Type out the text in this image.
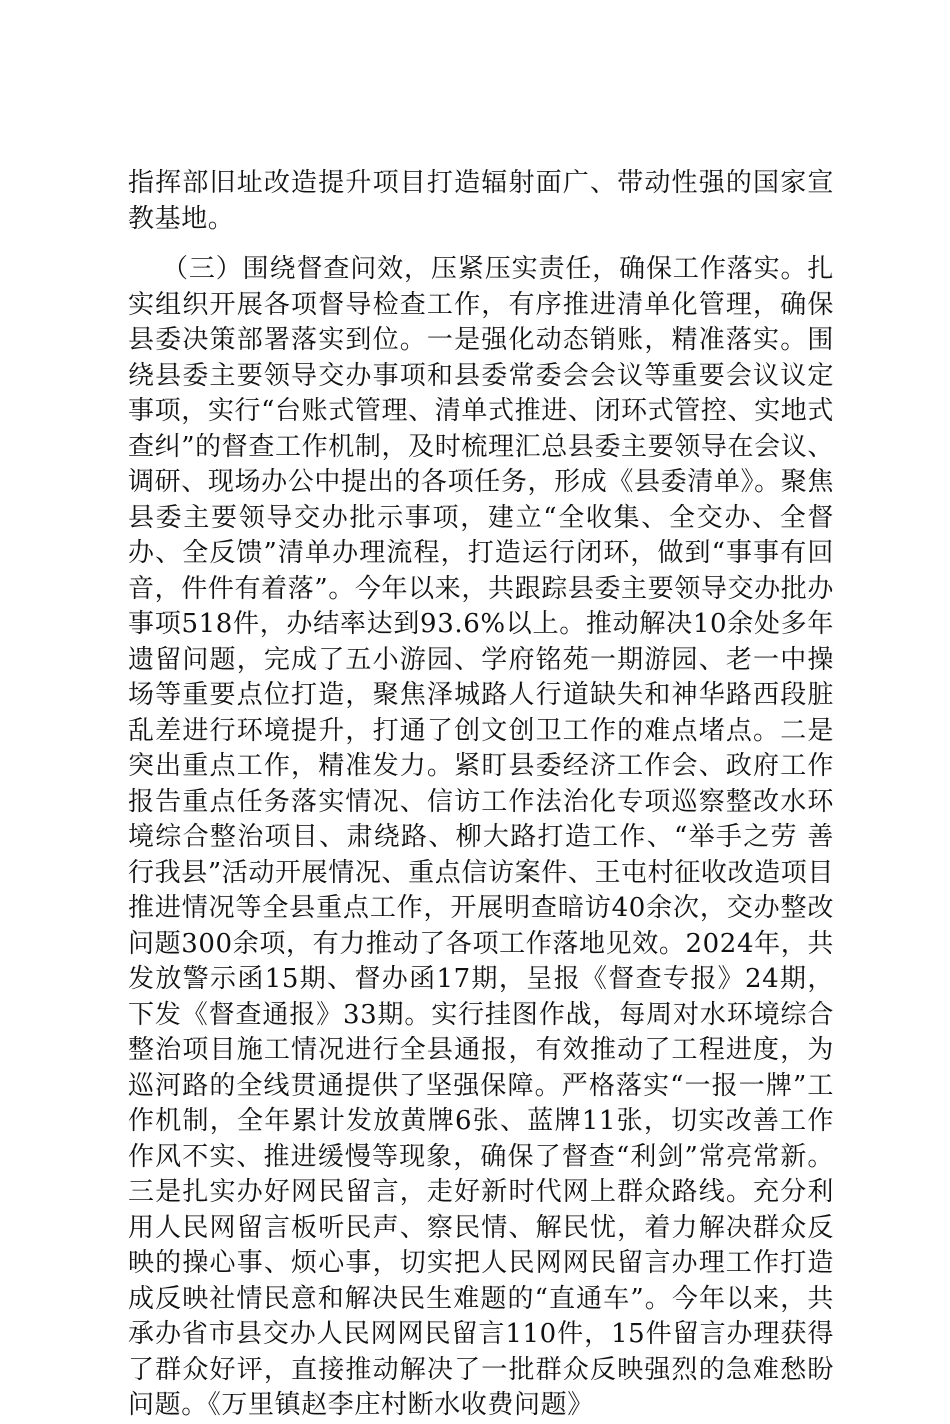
指挥部旧址改造提升项目打造辐射面广、带动性强的国家宣教基地。

（三）围绕督查问效，压紧压实责任，确保工作落实。扎实组织开展各项督导检查工作，有序推进清单化管理，确保县委决策部署落实到位。一是强化动态销账，精准落实。围绕县委主要领导交办事项和县委常委会会议等重要会议议定事项，实行“台账式管理、清单式推进、闭环式管控、实地式查纠”的督查工作机制，及时梳理汇总县委主要领导在会议、调研、现场办公中提出的各项任务，形成《县委清单》。聚焦县委主要领导交办批示事项，建立“全收集、全交办、全督办、全反馈”清单办理流程，打造运行闭环，做到“事事有回音，件件有着落”。今年以来，共跟踪县委主要领导交办批办事项518件，办结率达到93.6%以上。推动解决10余处多年遗留问题，完成了五小游园、学府铭苑一期游园、老一中操场等重要点位打造，聚焦泽城路人行道缺失和神华路西段脏乱差进行环境提升，打通了创文创卫工作的难点堵点。二是突出重点工作，精准发力。紧盯县委经济工作会、政府工作报告重点任务落实情况、信访工作法治化专项巡察整改水环境综合整治项目、肃绕路、柳大路打造工作、“举手之劳 善行我县”活动开展情况、重点信访案件、王屯村征收改造项目推进情况等全县重点工作，开展明查暗访40余次，交办整改问题300余项，有力推动了各项工作落地见效。2024年，共发放警示函15期、督办函17期，呈报《督查专报》24期，下发《督查通报》33期。实行挂图作战，每周对水环境综合整治项目施工情况进行全县通报，有效推动了工程进度，为巡河路的全线贯通提供了坚强保障。严格落实“一报一牌”工作机制，全年累计发放黄牌6张、蓝牌11张，切实改善工作作风不实、推进缓慢等现象，确保了督查“利剑”常亮常新。三是扎实办好网民留言，走好新时代网上群众路线。充分利用人民网留言板听民声、察民情、解民忧，着力解决群众反映的操心事、烦心事，切实把人民网网民留言办理工作打造成反映社情民意和解决民生难题的“直通车”。今年以来，共承办省市县交办人民网网民留言110件，15件留言办理获得了群众好评，直接推动解决了一批群众反映强烈的急难愁盼问题。《万里镇赵李庄村断水收费问题》
